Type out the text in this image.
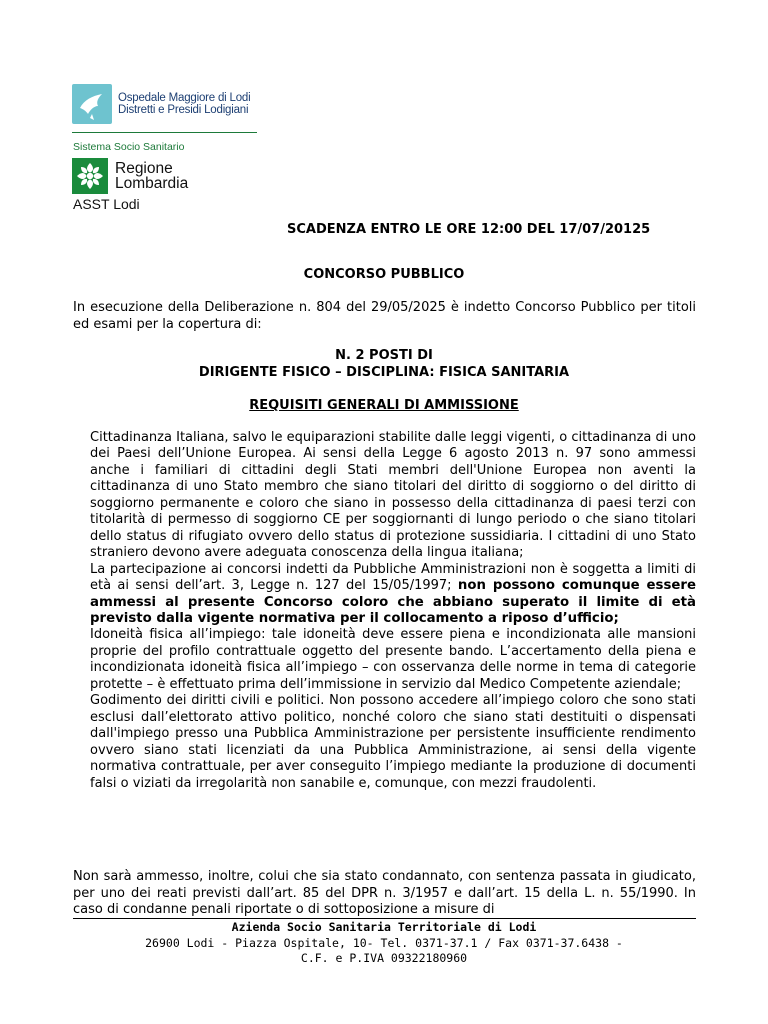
Ospedale Maggiore di Lodi
Distretti e Presidi Lodigiani
Sistema Socio Sanitario
Regione
Lombardia
ASST Lodi
SCADENZA ENTRO LE ORE 12:00 DEL 17/07/20125
CONCORSO PUBBLICO
In esecuzione della Deliberazione n. 804 del 29/05/2025 è indetto Concorso Pubblico per titoli ed esami per la copertura di:
N. 2 POSTI DI
DIRIGENTE FISICO – DISCIPLINA: FISICA SANITARIA
REQUISITI GENERALI DI AMMISSIONE

Cittadinanza Italiana, salvo le equiparazioni stabilite dalle leggi vigenti, o cittadinanza di uno dei Paesi dell’Unione Europea. Ai sensi della Legge 6 agosto 2013 n. 97 sono ammessi anche i familiari di cittadini degli Stati membri dell'Unione Europea non aventi la cittadinanza di uno Stato membro che siano titolari del diritto di soggiorno o del diritto di soggiorno permanente e coloro che siano in possesso della cittadinanza di paesi terzi con titolarità di permesso di soggiorno CE per soggiornanti di lungo periodo o che siano titolari dello status di rifugiato ovvero dello status di protezione sussidiaria. I cittadini di uno Stato straniero devono avere adeguata conoscenza della lingua italiana;

La partecipazione ai concorsi indetti da Pubbliche Amministrazioni non è soggetta a limiti di età ai sensi dell’art. 3, Legge n. 127 del 15/05/1997; non possono comunque essere ammessi al presente Concorso coloro che abbiano superato il limite di età previsto dalla vigente normativa per il collocamento a riposo d’ufficio;

Idoneità fisica all’impiego: tale idoneità deve essere piena e incondizionata alle mansioni proprie del profilo contrattuale oggetto del presente bando. L’accertamento della piena e incondizionata idoneità fisica all’impiego – con osservanza delle norme in tema di categorie protette – è effettuato prima dell’immissione in servizio dal Medico Competente aziendale;

Godimento dei diritti civili e politici. Non possono accedere all’impiego coloro che sono stati esclusi dall’elettorato attivo politico, nonché coloro che siano stati destituiti o dispensati dall'impiego presso una Pubblica Amministrazione per persistente insufficiente rendimento ovvero siano stati licenziati da una Pubblica Amministrazione, ai sensi della vigente normativa contrattuale, per aver conseguito l’impiego mediante la produzione di documenti falsi o viziati da irregolarità non sanabile e, comunque, con mezzi fraudolenti.

Non sarà ammesso, inoltre, colui che sia stato condannato, con sentenza passata in giudicato, per uno dei reati previsti dall’art. 85 del DPR n. 3/1957 e dall’art. 15 della L. n. 55/1990. In caso di condanne penali riportate o di sottoposizione a misure di
Azienda Socio Sanitaria Territoriale di Lodi
26900 Lodi - Piazza Ospitale, 10- Tel. 0371-37.1 / Fax 0371-37.6438 -
C.F. e P.IVA 09322180960
